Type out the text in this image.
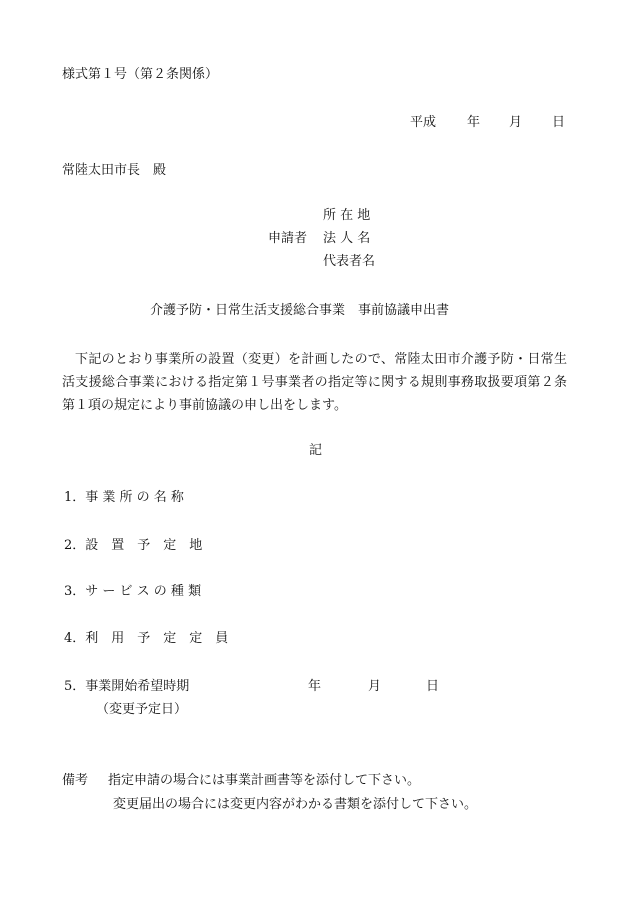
様式第１号（第２条関係）
平成 年 月 日
常陸太田市長　殿
申請者
所 在 地
法 人 名
代表者名
介護予防・日常生活支援総合事業　事前協議申出書
下記のとおり事業所の設置（変更）を計画したので、常陸太田市介護予防・日常生活支援総合事業における指定第１号事業者の指定等に関する規則事務取扱要項第２条第１項の規定により事前協議の申し出をします。
記
1．事 業 所 の 名 称
2．設　置　予　定　地
3．サ ー ビ ス の 種 類
4．利　用　予　定　定　員
5．事業開始希望時期	年	月	日
（変更予定日）
備考 指定申請の場合には事業計画書等を添付して下さい。
変更届出の場合には変更内容がわかる書類を添付して下さい。
